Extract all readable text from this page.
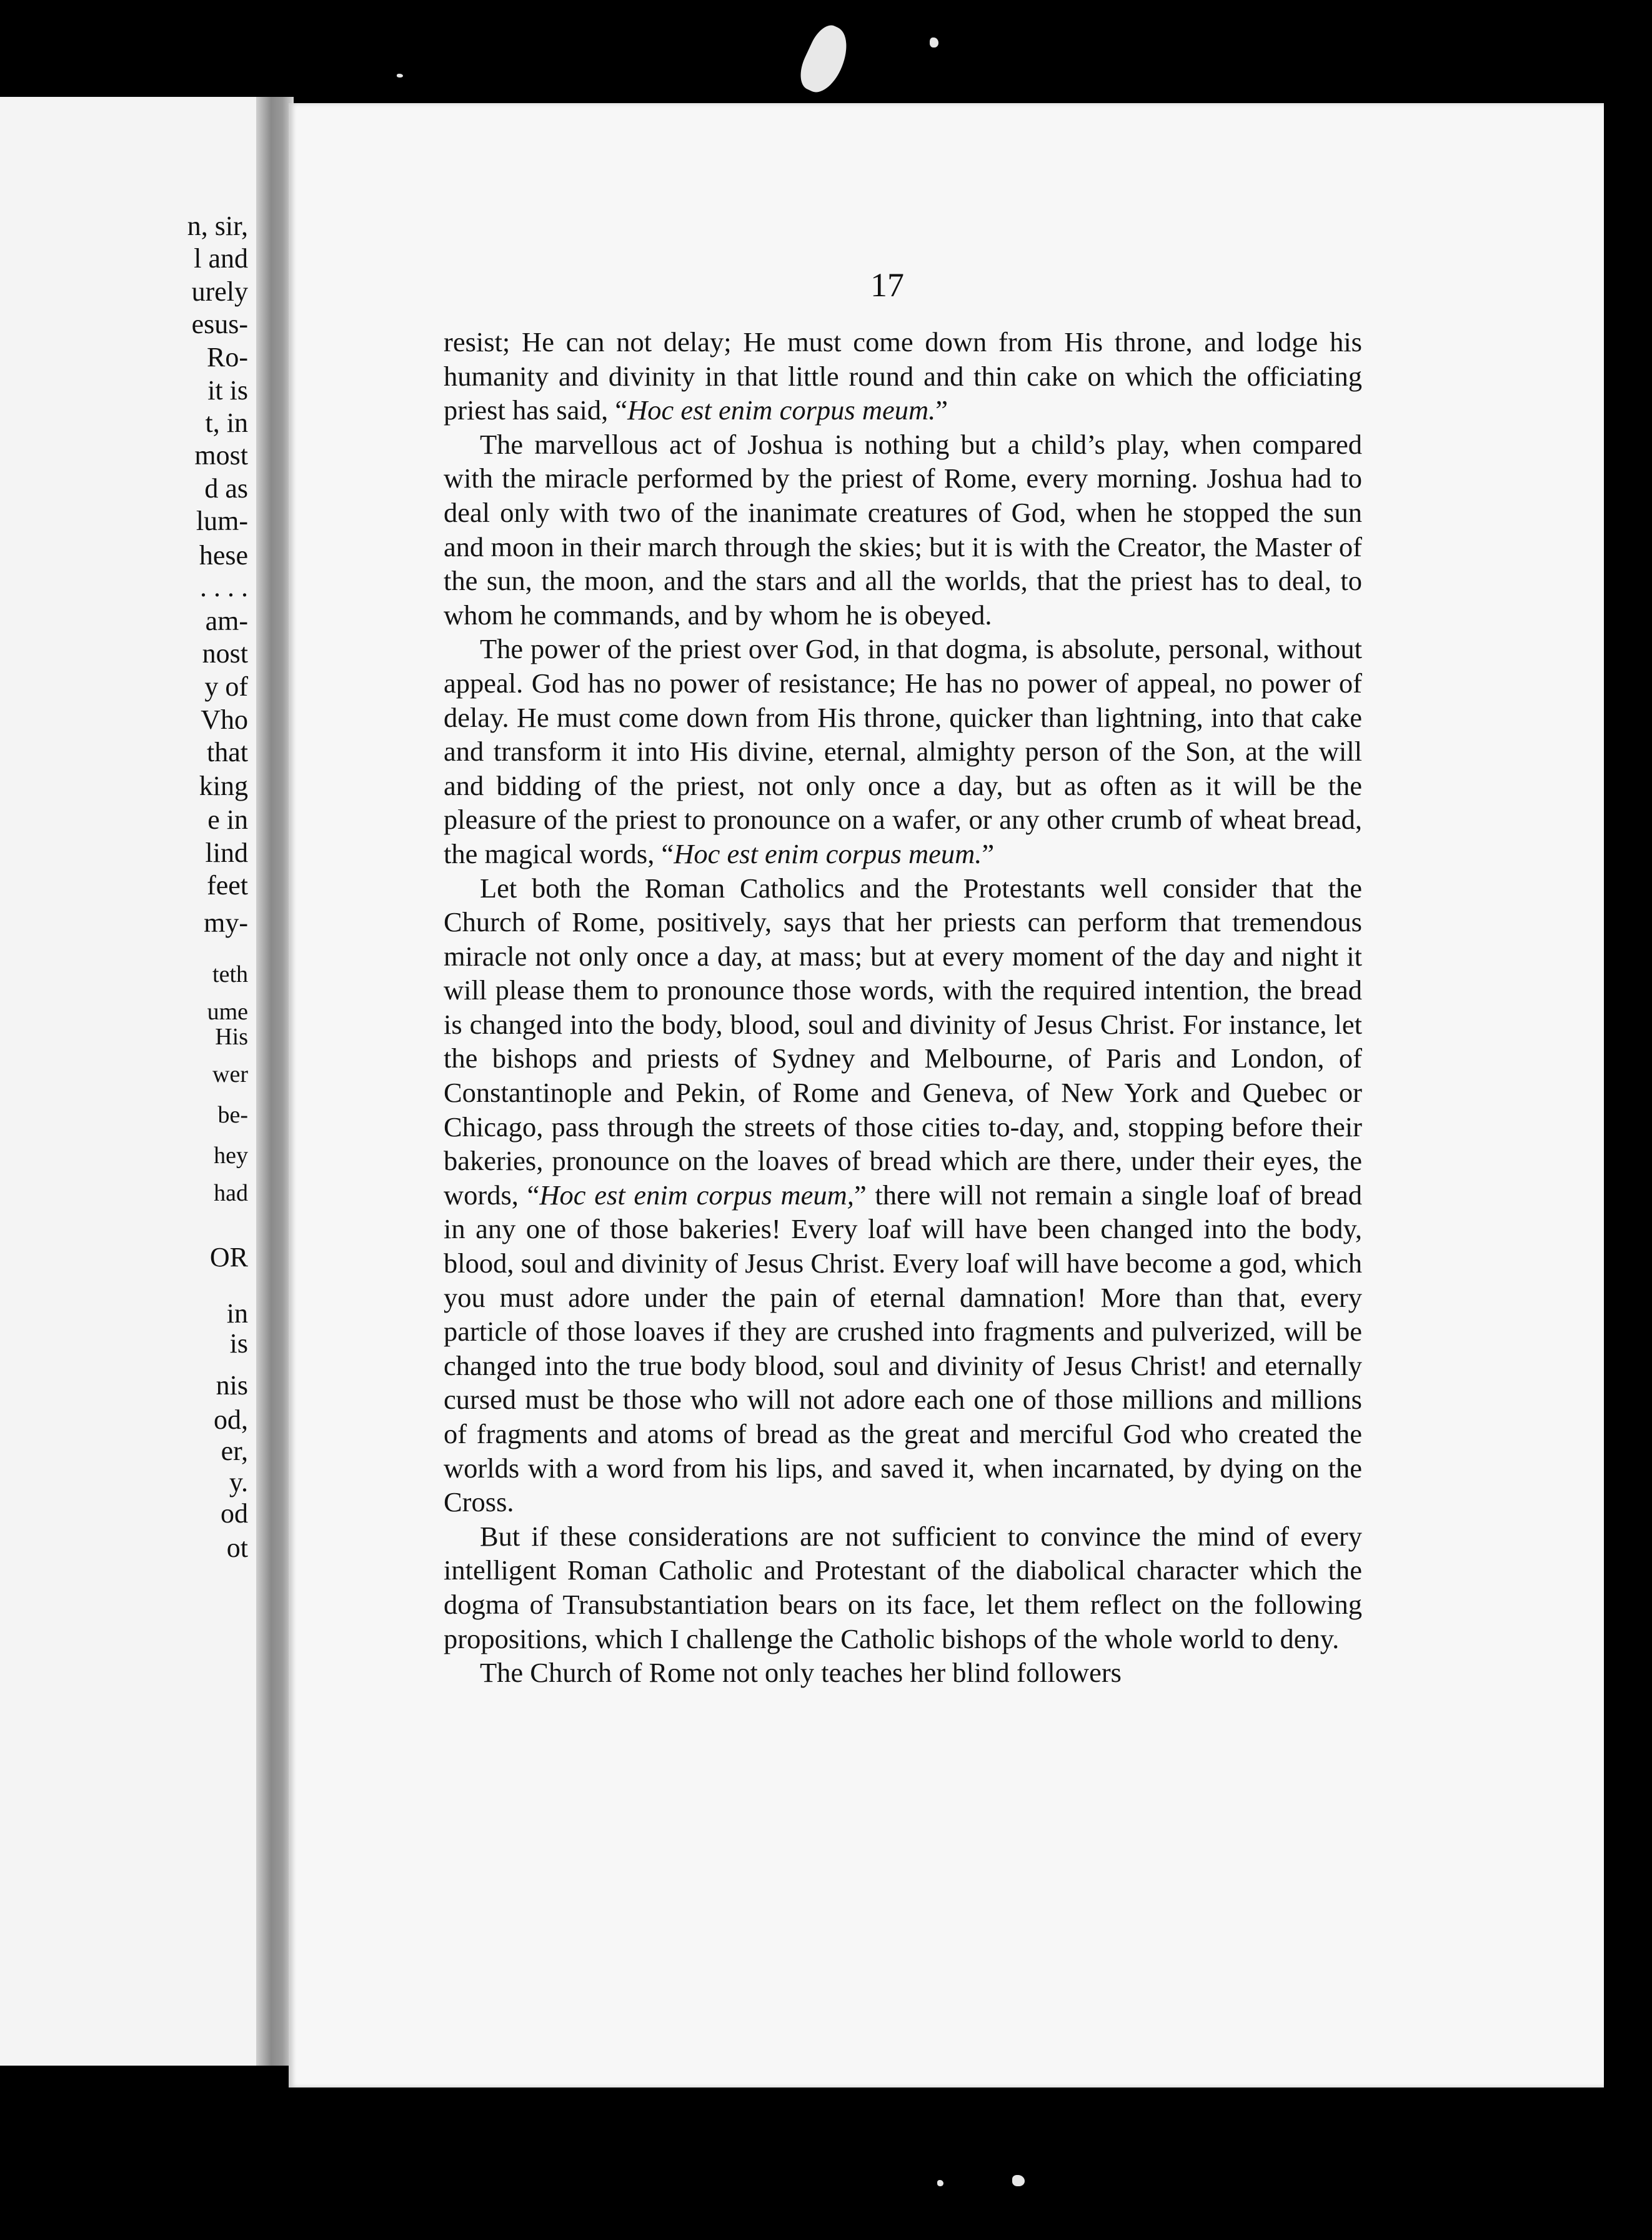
n, sir,
l and
urely
esus-
Ro-
it is
t, in
most
d as
lum-
hese
. . . .
am-
nost
y of
Vho
that
king
e in
lind
feet
my-
teth
ume
His
wer
be-
hey
had
OR
in
is
nis
od,
er,
y.
od
ot
17

resist; He can not delay; He must come down from His throne, and lodge his humanity and divinity in that little round and thin cake on which the officiating priest has said, “Hoc est enim corpus meum.”

The marvellous act of Joshua is nothing but a child’s play, when compared with the miracle performed by the priest of Rome, every morning. Joshua had to deal only with two of the inanimate creatures of God, when he stopped the sun and moon in their march through the skies; but it is with the Creator, the Master of the sun, the moon, and the stars and all the worlds, that the priest has to deal, to whom he commands, and by whom he is obeyed.

The power of the priest over God, in that dogma, is absolute, personal, without appeal. God has no power of resistance; He has no power of appeal, no power of delay. He must come down from His throne, quicker than lightning, into that cake and transform it into His divine, eternal, almighty person of the Son, at the will and bidding of the priest, not only once a day, but as often as it will be the pleasure of the priest to pronounce on a wafer, or any other crumb of wheat bread, the magical words, “Hoc est enim corpus meum.”

Let both the Roman Catholics and the Protestants well consider that the Church of Rome, positively, says that her priests can perform that tremendous miracle not only once a day, at mass; but at every moment of the day and night it will please them to pronounce those words, with the required intention, the bread is changed into the body, blood, soul and divinity of Jesus Christ. For instance, let the bishops and priests of Sydney and Melbourne, of Paris and London, of Constantinople and Pekin, of Rome and Geneva, of New York and Quebec or Chicago, pass through the streets of those cities to-day, and, stopping before their bakeries, pronounce on the loaves of bread which are there, under their eyes, the words, “Hoc est enim corpus meum,” there will not remain a single loaf of bread in any one of those bakeries! Every loaf will have been changed into the body, blood, soul and divinity of Jesus Christ. Every loaf will have become a god, which you must adore under the pain of eternal damnation! More than that, every particle of those loaves if they are crushed into fragments and pulverized, will be changed into the true body blood, soul and divinity of Jesus Christ! and eternally cursed must be those who will not adore each one of those millions and millions of fragments and atoms of bread as the great and merciful God who created the worlds with a word from his lips, and saved it, when incarnated, by dying on the Cross.

But if these considerations are not sufficient to convince the mind of every intelligent Roman Catholic and Protestant of the diabolical character which the dogma of Transubstantiation bears on its face, let them reflect on the following propositions, which I challenge the Catholic bishops of the whole world to deny.

The Church of Rome not only teaches her blind followers
